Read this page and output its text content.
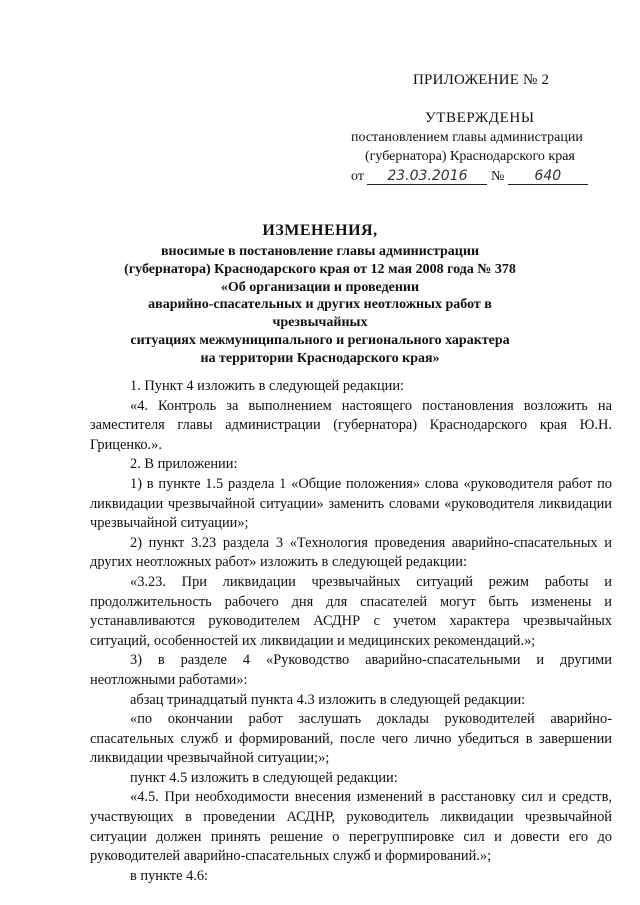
ПРИЛОЖЕНИЕ № 2
УТВЕРЖДЕНЫ
постановлением главы администрации
(губернатора) Краснодарского края
от 23.03.2016 № 640
ИЗМЕНЕНИЯ,
вносимые в постановление главы администрации
(губернатора) Краснодарского края от 12 мая 2008 года № 378
«Об организации и проведении
аварийно-спасательных и других неотложных работ в чрезвычайных
ситуациях межмуниципального и регионального характера
на территории Краснодарского края»

1. Пункт 4 изложить в следующей редакции:

«4. Контроль за выполнением настоящего постановления возложить на заместителя главы администрации (губернатора) Краснодарского края Ю.Н. Гриценко.».

2. В приложении:

1) в пункте 1.5 раздела 1 «Общие положения» слова «руководителя работ по ликвидации чрезвычайной ситуации» заменить словами «руководителя ликвидации чрезвычайной ситуации»;

2) пункт 3.23 раздела 3 «Технология проведения аварийно-спасательных и других неотложных работ» изложить в следующей редакции:

«3.23. При ликвидации чрезвычайных ситуаций режим работы и продолжительность рабочего дня для спасателей могут быть изменены и устанавливаются руководителем АСДНР с учетом характера чрезвычайных ситуаций, особенностей их ликвидации и медицинских рекомендаций.»;

3) в разделе 4 «Руководство аварийно-спасательными и другими неотложными работами»:

абзац тринадцатый пункта 4.3 изложить в следующей редакции:

«по окончании работ заслушать доклады руководителей аварийно-спасательных служб и формирований, после чего лично убедиться в завершении ликвидации чрезвычайной ситуации;»;

пункт 4.5 изложить в следующей редакции:

«4.5. При необходимости внесения изменений в расстановку сил и средств, участвующих в проведении АСДНР, руководитель ликвидации чрезвычайной ситуации должен принять решение о перегруппировке сил и довести его до руководителей аварийно-спасательных служб и формирований.»;

в пункте 4.6:
